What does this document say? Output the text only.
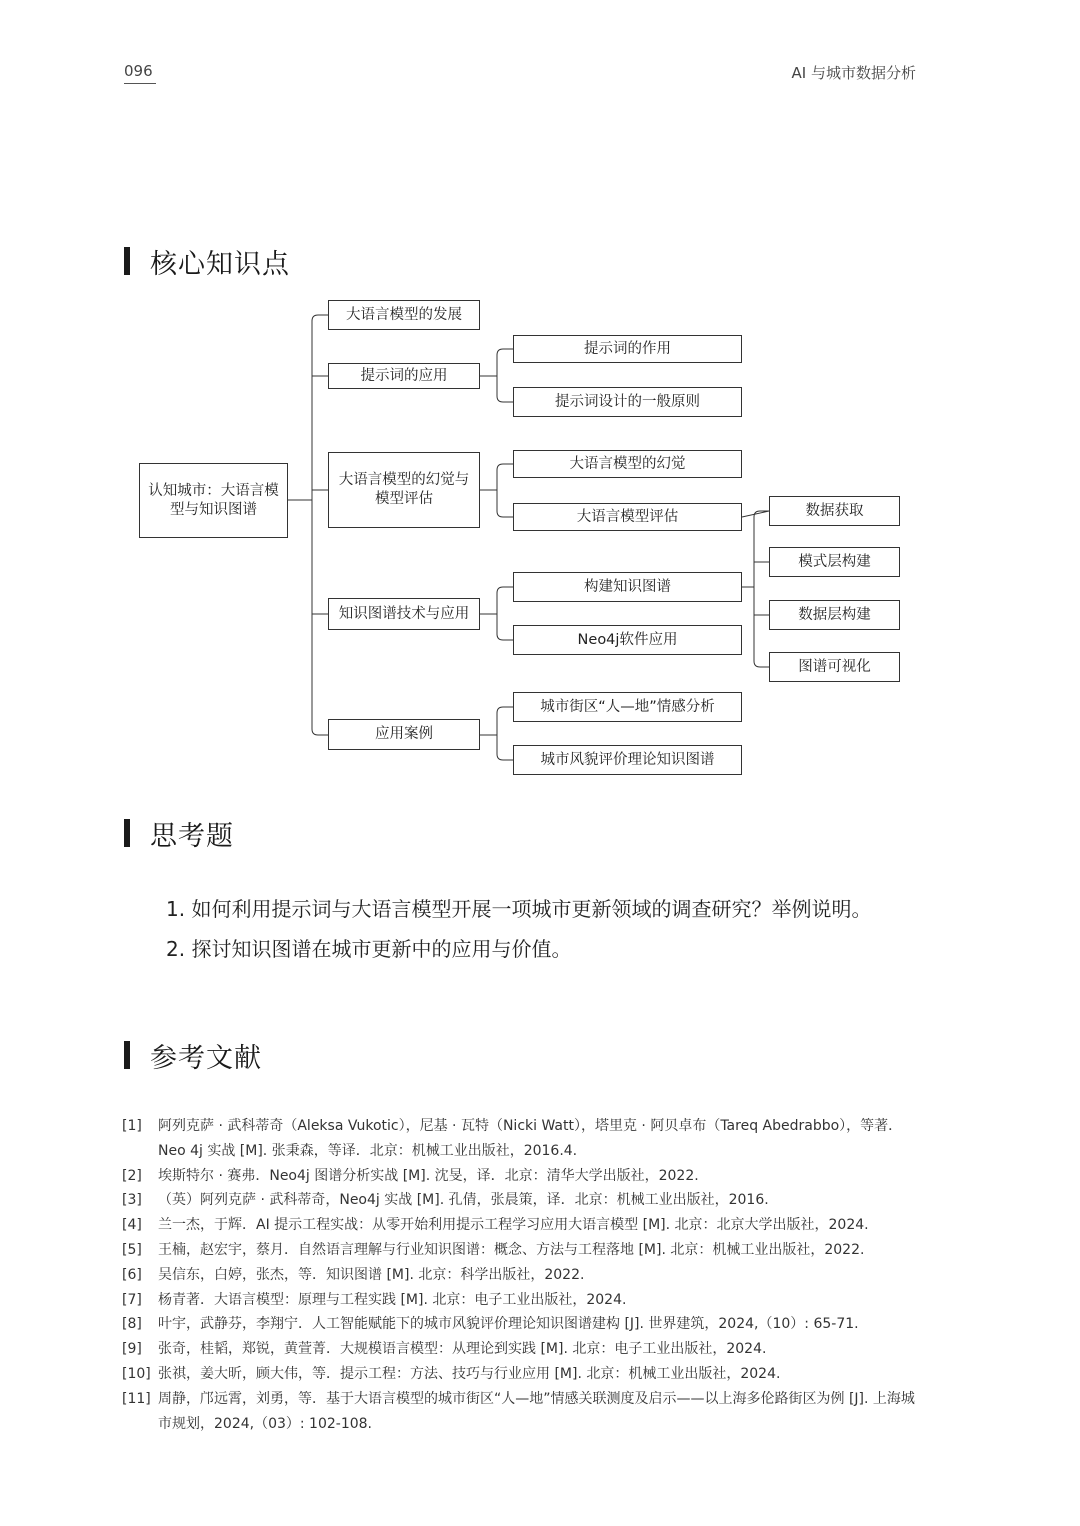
096	AI 与城市数据分析
核心知识点
认知城市：大语言模型与知识图谱
大语言模型的发展
提示词的应用
大语言模型的幻觉与模型评估
知识图谱技术与应用
应用案例
提示词的作用
提示词设计的一般原则
大语言模型的幻觉
大语言模型评估
构建知识图谱
Neo4j软件应用
城市街区“人—地”情感分析
城市风貌评价理论知识图谱
数据获取
模式层构建
数据层构建
图谱可视化
思考题
1. 如何利用提示词与大语言模型开展一项城市更新领域的调查研究？举例说明。
2. 探讨知识图谱在城市更新中的应用与价值。
参考文献
[1]	阿列克萨 · 武科蒂奇（Aleksa Vukotic），尼基 · 瓦特（Nicki Watt），塔里克 · 阿贝卓布（Tareq Abedrabbo），等著．Neo 4j 实战 [M]. 张秉森，等译．北京：机械工业出版社，2016.4.
[2]	埃斯特尔 · 赛弗．Neo4j 图谱分析实战 [M]. 沈旻，译．北京：清华大学出版社，2022.
[3]	（英）阿列克萨 · 武科蒂奇，Neo4j 实战 [M]. 孔倩，张晨策，译．北京：机械工业出版社，2016.
[4]	兰一杰，于辉．AI 提示工程实战：从零开始利用提示工程学习应用大语言模型 [M]. 北京：北京大学出版社，2024.
[5]	王楠，赵宏宇，蔡月．自然语言理解与行业知识图谱：概念、方法与工程落地 [M]. 北京：机械工业出版社，2022.
[6]	吴信东，白婷，张杰，等．知识图谱 [M]. 北京：科学出版社，2022.
[7]	杨青著．大语言模型：原理与工程实践 [M]. 北京：电子工业出版社，2024.
[8]	叶宇，武静芬，李翔宁．人工智能赋能下的城市风貌评价理论知识图谱建构 [J]. 世界建筑，2024,（10）: 65-71.
[9]	张奇，桂韬，郑锐，黄萱菁．大规模语言模型：从理论到实践 [M]. 北京：电子工业出版社，2024.
[10] 张祺，姜大昕，顾大伟，等．提示工程：方法、技巧与行业应用 [M]. 北京：机械工业出版社，2024.
[11] 周静，邝远霄，刘勇，等．基于大语言模型的城市街区“人—地”情感关联测度及启示——以上海多伦路街区为例 [J]. 上海城市规划，2024,（03）: 102-108.
